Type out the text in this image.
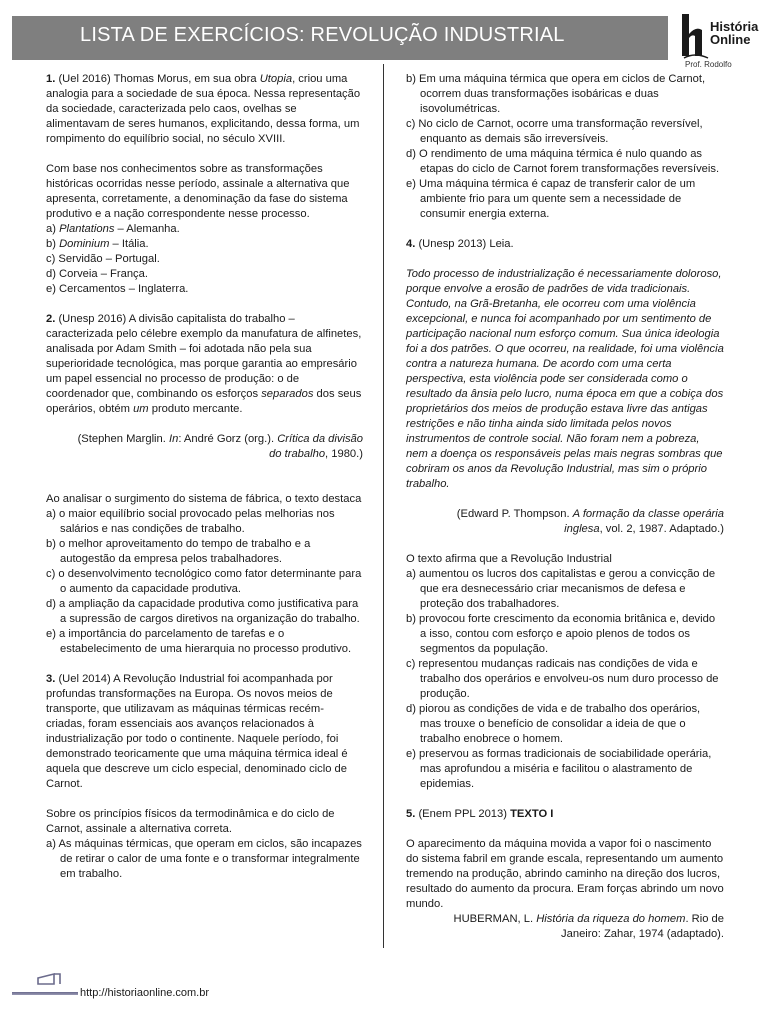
LISTA DE EXERCÍCIOS: REVOLUÇÃO INDUSTRIAL	História
Online
Prof. Rodolfo

1. (Uel 2016) Thomas Morus, em sua obra Utopia, criou uma analogia para a sociedade de sua época. Nessa representação da sociedade, caracterizada pelo caos, ovelhas se alimentavam de seres humanos, explicitando, dessa forma, um rompimento do equilíbrio social, no século XVIII.

Com base nos conhecimentos sobre as transformações históricas ocorridas nesse período, assinale a alternativa que apresenta, corretamente, a denominação da fase do sistema produtivo e a nação correspondente nesse processo.

a) Plantations – Alemanha.

b) Dominium – Itália.

c) Servidão – Portugal.

d) Corveia – França.

e) Cercamentos – Inglaterra.

2. (Unesp 2016) A divisão capitalista do trabalho – caracterizada pelo célebre exemplo da manufatura de alfinetes, analisada por Adam Smith – foi adotada não pela sua superioridade tecnológica, mas porque garantia ao empresário um papel essencial no processo de produção: o de coordenador que, combinando os esforços separados dos seus operários, obtém um produto mercante.

(Stephen Marglin. In: André Gorz (org.). Crítica da divisão

do trabalho, 1980.)

Ao analisar o surgimento do sistema de fábrica, o texto destaca

a) o maior equilíbrio social provocado pelas melhorias nos salários e nas condições de trabalho.

b) o melhor aproveitamento do tempo de trabalho e a autogestão da empresa pelos trabalhadores.

c) o desenvolvimento tecnológico como fator determinante para o aumento da capacidade produtiva.

d) a ampliação da capacidade produtiva como justificativa para a supressão de cargos diretivos na organização do trabalho.

e) a importância do parcelamento de tarefas e o estabelecimento de uma hierarquia no processo produtivo.

3. (Uel 2014) A Revolução Industrial foi acompanhada por profundas transformações na Europa. Os novos meios de transporte, que utilizavam as máquinas térmicas recém-criadas, foram essenciais aos avanços relacionados à industrialização por todo o continente. Naquele período, foi demonstrado teoricamente que uma máquina térmica ideal é aquela que descreve um ciclo especial, denominado ciclo de Carnot.

Sobre os princípios físicos da termodinâmica e do ciclo de Carnot, assinale a alternativa correta.

a) As máquinas térmicas, que operam em ciclos, são incapazes de retirar o calor de uma fonte e o transformar integralmente em trabalho.

b) Em uma máquina térmica que opera em ciclos de Carnot, ocorrem duas transformações isobáricas e duas isovolumétricas.

c) No ciclo de Carnot, ocorre uma transformação reversível, enquanto as demais são irreversíveis.

d) O rendimento de uma máquina térmica é nulo quando as etapas do ciclo de Carnot forem transformações reversíveis.

e) Uma máquina térmica é capaz de transferir calor de um ambiente frio para um quente sem a necessidade de consumir energia externa.

4. (Unesp 2013) Leia.

Todo processo de industrialização é necessariamente doloroso, porque envolve a erosão de padrões de vida tradicionais. Contudo, na Grã-Bretanha, ele ocorreu com uma violência excepcional, e nunca foi acompanhado por um sentimento de participação nacional num esforço comum. Sua única ideologia foi a dos patrões. O que ocorreu, na realidade, foi uma violência contra a natureza humana. De acordo com uma certa perspectiva, esta violência pode ser considerada como o resultado da ânsia pelo lucro, numa época em que a cobiça dos proprietários dos meios de produção estava livre das antigas restrições e não tinha ainda sido limitada pelos novos instrumentos de controle social. Não foram nem a pobreza, nem a doença os responsáveis pelas mais negras sombras que cobriram os anos da Revolução Industrial, mas sim o próprio trabalho.

(Edward P. Thompson. A formação da classe operária

inglesa, vol. 2, 1987. Adaptado.)

O texto afirma que a Revolução Industrial

a) aumentou os lucros dos capitalistas e gerou a convicção de que era desnecessário criar mecanismos de defesa e proteção dos trabalhadores.

b) provocou forte crescimento da economia britânica e, devido a isso, contou com esforço e apoio plenos de todos os segmentos da população.

c) representou mudanças radicais nas condições de vida e trabalho dos operários e envolveu-os num duro processo de produção.

d) piorou as condições de vida e de trabalho dos operários, mas trouxe o benefício de consolidar a ideia de que o trabalho enobrece o homem.

e) preservou as formas tradicionais de sociabilidade operária, mas aprofundou a miséria e facilitou o alastramento de epidemias.

5. (Enem PPL 2013) TEXTO I

O aparecimento da máquina movida a vapor foi o nascimento do sistema fabril em grande escala, representando um aumento tremendo na produção, abrindo caminho na direção dos lucros, resultado do aumento da procura. Eram forças abrindo um novo mundo.

HUBERMAN, L. História da riqueza do homem. Rio de

Janeiro: Zahar, 1974 (adaptado).

http://historiaonline.com.br
